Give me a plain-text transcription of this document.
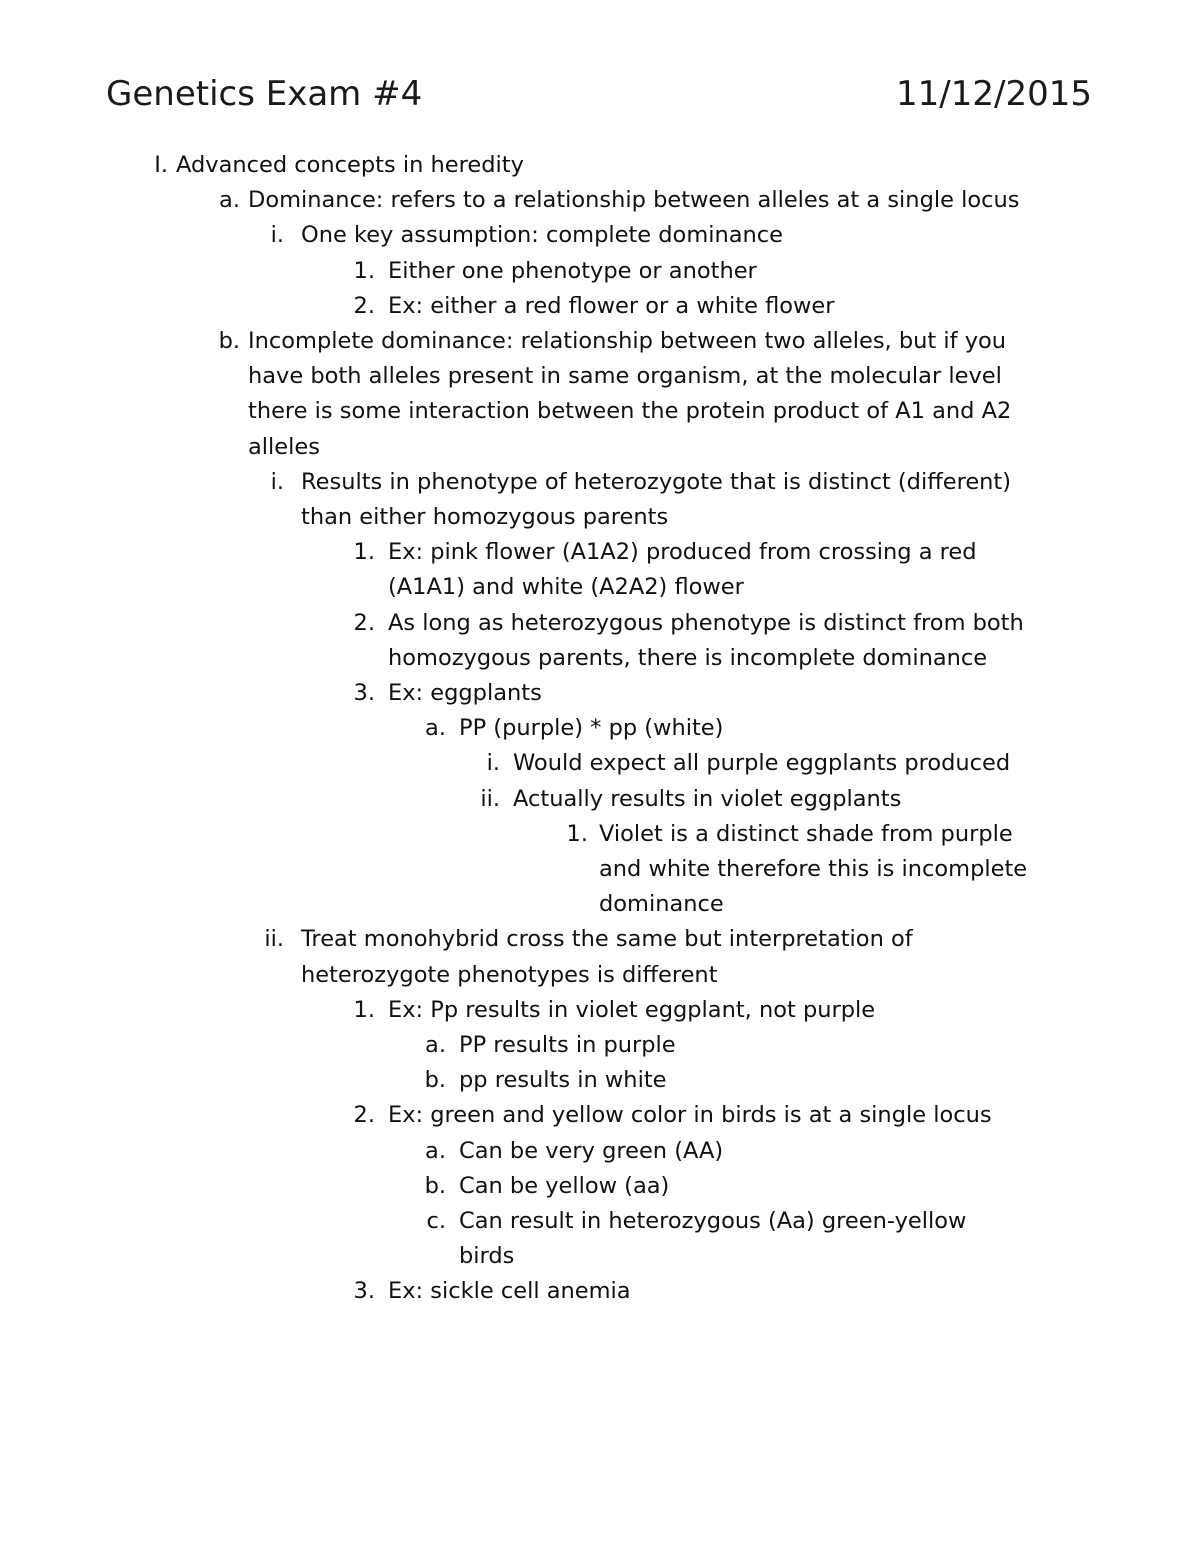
Genetics Exam #4	11/12/2015
I. Advanced concepts in heredity
a. Dominance: refers to a relationship between alleles at a single locus
i. One key assumption: complete dominance
1. Either one phenotype or another
2. Ex: either a red flower or a white flower
b. Incomplete dominance: relationship between two alleles, but if you
have both alleles present in same organism, at the molecular level
there is some interaction between the protein product of A1 and A2
alleles
i. Results in phenotype of heterozygote that is distinct (different)
than either homozygous parents
1. Ex: pink flower (A1A2) produced from crossing a red
(A1A1) and white (A2A2) flower
2. As long as heterozygous phenotype is distinct from both
homozygous parents, there is incomplete dominance
3. Ex: eggplants
a. PP (purple) * pp (white)
i. Would expect all purple eggplants produced
ii. Actually results in violet eggplants
1. Violet is a distinct shade from purple
and white therefore this is incomplete
dominance
ii. Treat monohybrid cross the same but interpretation of
heterozygote phenotypes is different
1. Ex: Pp results in violet eggplant, not purple
a. PP results in purple
b. pp results in white
2. Ex: green and yellow color in birds is at a single locus
a. Can be very green (AA)
b. Can be yellow (aa)
c. Can result in heterozygous (Aa) green-yellow
birds
3. Ex: sickle cell anemia
